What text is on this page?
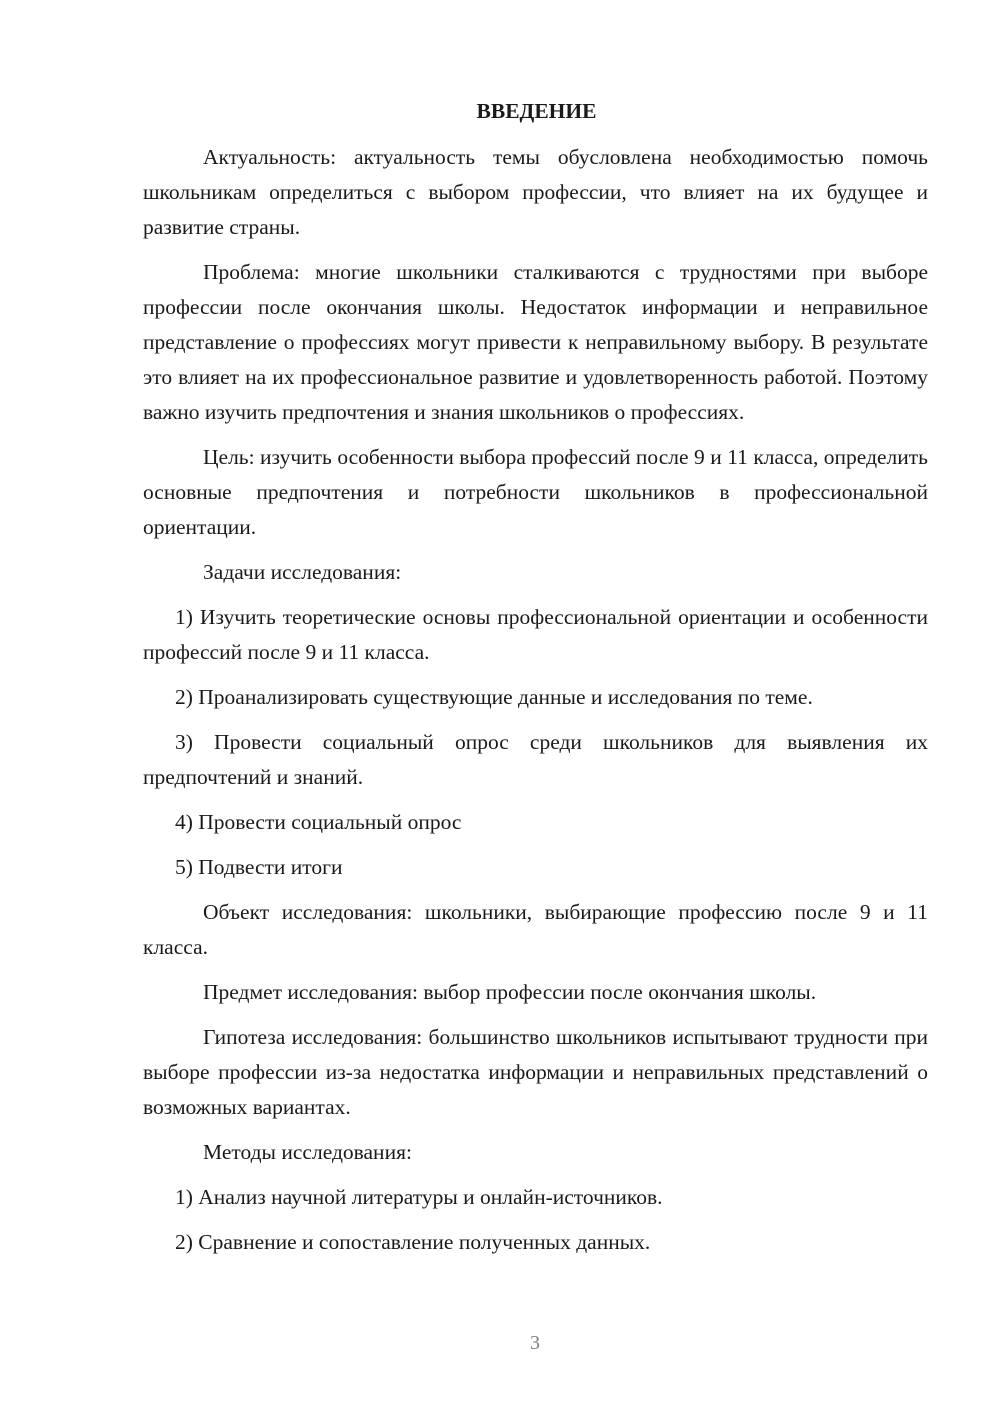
ВВЕДЕНИЕ

Актуальность: актуальность темы обусловлена необходимостью помочь школьникам определиться с выбором профессии, что влияет на их будущее и развитие страны.

Проблема: многие школьники сталкиваются с трудностями при выборе профессии после окончания школы. Недостаток информации и неправильное представление о профессиях могут привести к неправильному выбору. В результате это влияет на их профессиональное развитие и удовлетворенность работой. Поэтому важно изучить предпочтения и знания школьников о профессиях.

Цель: изучить особенности выбора профессий после 9 и 11 класса, определить основные предпочтения и потребности школьников в профессиональной ориентации.

Задачи исследования:

1) Изучить теоретические основы профессиональной ориентации и особенности профессий после 9 и 11 класса.

2) Проанализировать существующие данные и исследования по теме.

3) Провести социальный опрос среди школьников для выявления их предпочтений и знаний.

4) Провести социальный опрос

5) Подвести итоги

Объект исследования: школьники, выбирающие профессию после 9 и 11 класса.

Предмет исследования: выбор профессии после окончания школы.

Гипотеза исследования: большинство школьников испытывают трудности при выборе профессии из-за недостатка информации и неправильных представлений о возможных вариантах.

Методы исследования:

1) Анализ научной литературы и онлайн-источников.

2) Сравнение и сопоставление полученных данных.

3
